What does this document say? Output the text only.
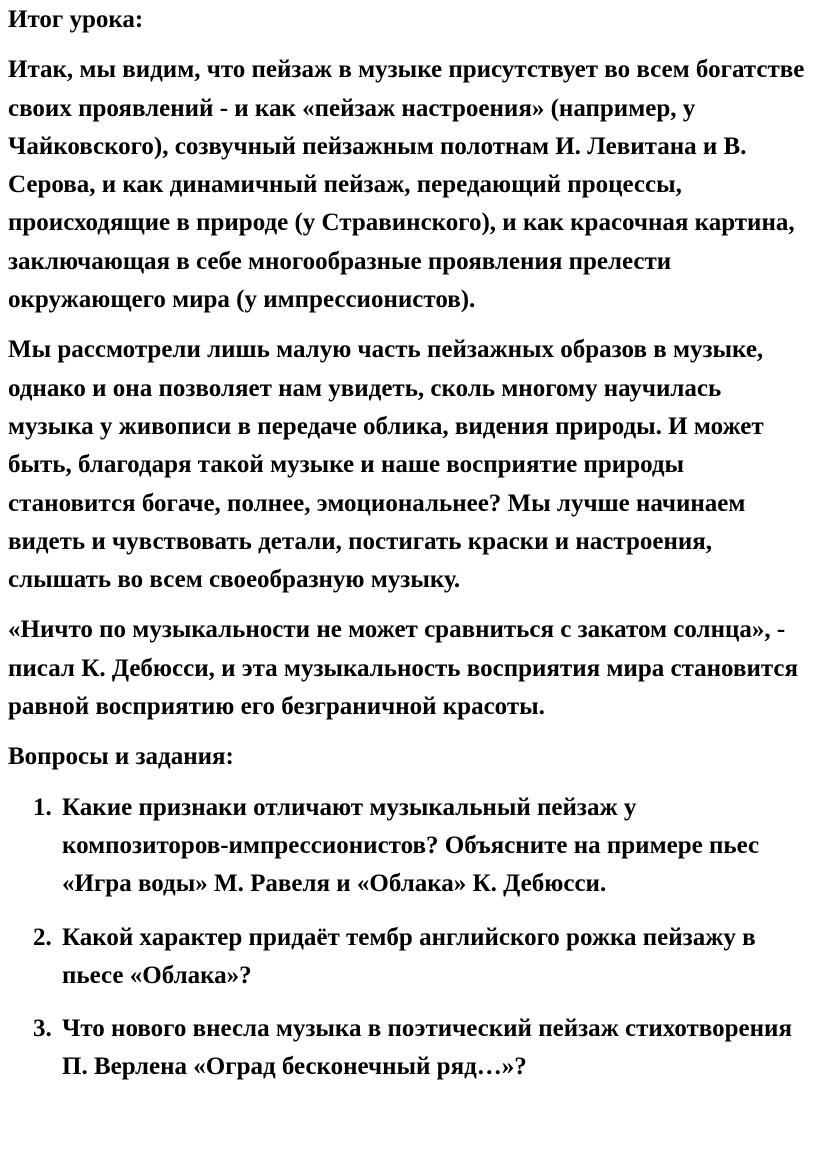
Итог урока:

Итак, мы видим, что пейзаж в музыке присутствует во всем богатстве своих проявлений - и как «пейзаж настроения» (например, у Чайковского), созвучный пейзажным полотнам И. Левитана и В. Серова, и как динамичный пейзаж, передающий процессы, происходящие в природе (у Стравинского), и как красочная картина, заключающая в себе многообразные проявления прелести окружающего мира (у импрессионистов).

Мы рассмотрели лишь малую часть пейзажных образов в музыке, однако и она позволяет нам увидеть, сколь многому научилась музыка у живописи в передаче облика, видения природы. И может быть, благодаря такой музыке и наше восприятие природы становится богаче, полнее, эмоциональнее? Мы лучше начинаем видеть и чувствовать детали, постигать краски и настроения, слышать во всем своеобразную музыку.

«Ничто по музыкальности не может сравниться с закатом солнца», - писал К. Дебюсси, и эта музыкальность восприятия мира становится равной восприятию его безграничной красоты.

Вопросы и задания:

1. Какие признаки отличают музыкальный пейзаж у композиторов-импрессионистов? Объясните на примере пьес «Игра воды» М. Равеля и «Облака» К. Дебюсси.
2. Какой характер придаёт тембр английского рожка пейзажу в пьесе «Облака»?
3. Что нового внесла музыка в поэтический пейзаж стихотворения П. Верлена «Оград бесконечный ряд…»?
